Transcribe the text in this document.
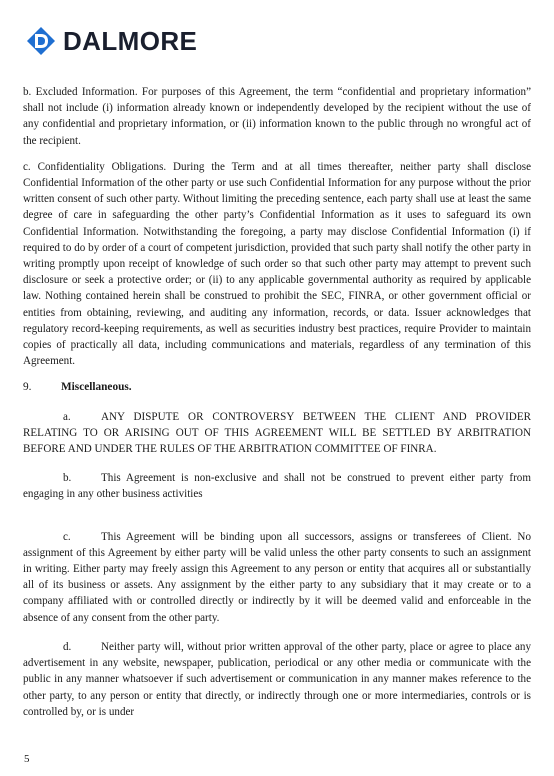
DALMORE

b. Excluded Information. For purposes of this Agreement, the term “confidential and proprietary information” shall not include (i) information already known or independently developed by the recipient without the use of any confidential and proprietary information, or (ii) information known to the public through no wrongful act of the recipient.

c. Confidentiality Obligations. During the Term and at all times thereafter, neither party shall disclose Confidential Information of the other party or use such Confidential Information for any purpose without the prior written consent of such other party. Without limiting the preceding sentence, each party shall use at least the same degree of care in safeguarding the other party’s Confidential Information as it uses to safeguard its own Confidential Information. Notwithstanding the foregoing, a party may disclose Confidential Information (i) if required to do by order of a court of competent jurisdiction, provided that such party shall notify the other party in writing promptly upon receipt of knowledge of such order so that such other party may attempt to prevent such disclosure or seek a protective order; or (ii) to any applicable governmental authority as required by applicable law. Nothing contained herein shall be construed to prohibit the SEC, FINRA, or other government official or entities from obtaining, reviewing, and auditing any information, records, or data. Issuer acknowledges that regulatory record-keeping requirements, as well as securities industry best practices, require Provider to maintain copies of practically all data, including communications and materials, regardless of any termination of this Agreement.

9.	Miscellaneous.

a.	ANY DISPUTE OR CONTROVERSY BETWEEN THE CLIENT AND PROVIDER RELATING TO OR ARISING OUT OF THIS AGREEMENT WILL BE SETTLED BY ARBITRATION BEFORE AND UNDER THE RULES OF THE ARBITRATION COMMITTEE OF FINRA.

b.	This Agreement is non-exclusive and shall not be construed to prevent either party from engaging in any other business activities

c.	This Agreement will be binding upon all successors, assigns or transferees of Client. No assignment of this Agreement by either party will be valid unless the other party consents to such an assignment in writing. Either party may freely assign this Agreement to any person or entity that acquires all or substantially all of its business or assets. Any assignment by the either party to any subsidiary that it may create or to a company affiliated with or controlled directly or indirectly by it will be deemed valid and enforceable in the absence of any consent from the other party.

d.	Neither party will, without prior written approval of the other party, place or agree to place any advertisement in any website, newspaper, publication, periodical or any other media or communicate with the public in any manner whatsoever if such advertisement or communication in any manner makes reference to the other party, to any person or entity that directly, or indirectly through one or more intermediaries, controls or is controlled by, or is under

5
